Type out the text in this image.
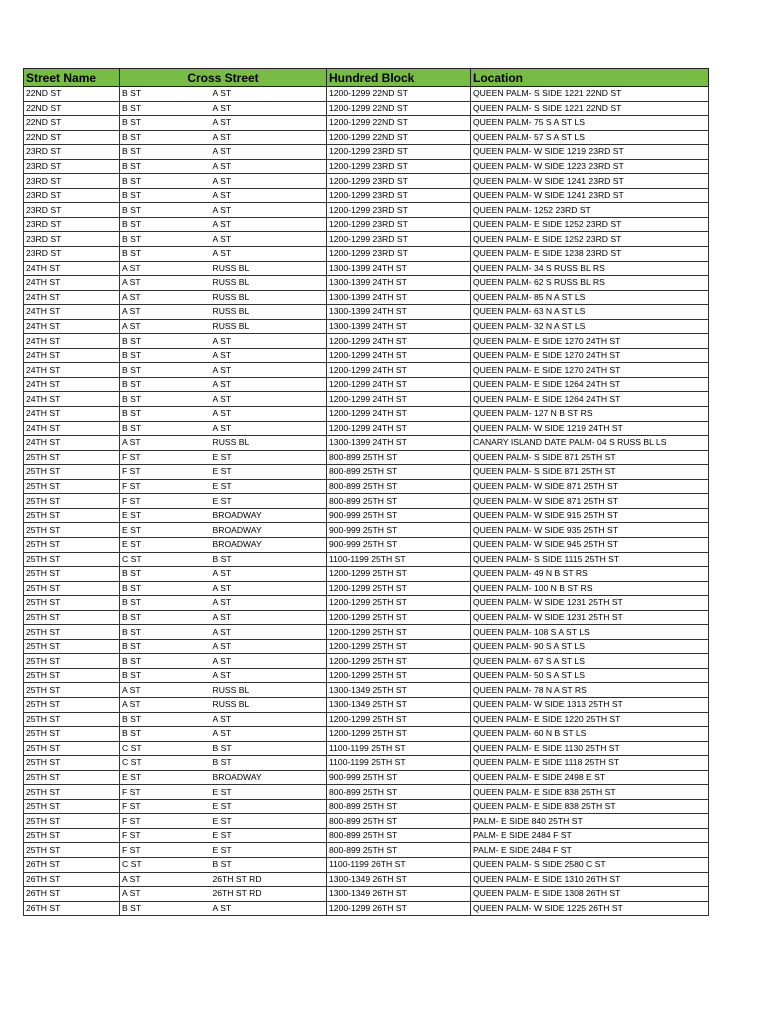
Street Name	Cross Street		Hundred Block	Location
22ND ST	B ST	A ST	1200-1299 22ND ST	QUEEN PALM- S SIDE 1221 22ND ST
22ND ST	B ST	A ST	1200-1299 22ND ST	QUEEN PALM- S SIDE 1221 22ND ST
22ND ST	B ST	A ST	1200-1299 22ND ST	QUEEN PALM- 75 S A ST LS
22ND ST	B ST	A ST	1200-1299 22ND ST	QUEEN PALM- 57 S A ST LS
23RD ST	B ST	A ST	1200-1299 23RD ST	QUEEN PALM- W SIDE 1219 23RD ST
23RD ST	B ST	A ST	1200-1299 23RD ST	QUEEN PALM- W SIDE 1223 23RD ST
23RD ST	B ST	A ST	1200-1299 23RD ST	QUEEN PALM- W SIDE 1241 23RD ST
23RD ST	B ST	A ST	1200-1299 23RD ST	QUEEN PALM- W SIDE 1241 23RD ST
23RD ST	B ST	A ST	1200-1299 23RD ST	QUEEN PALM- 1252 23RD ST
23RD ST	B ST	A ST	1200-1299 23RD ST	QUEEN PALM- E SIDE 1252 23RD ST
23RD ST	B ST	A ST	1200-1299 23RD ST	QUEEN PALM- E SIDE 1252 23RD ST
23RD ST	B ST	A ST	1200-1299 23RD ST	QUEEN PALM- E SIDE 1238 23RD ST
24TH ST	A ST	RUSS BL	1300-1399 24TH ST	QUEEN PALM- 34 S RUSS BL RS
24TH ST	A ST	RUSS BL	1300-1399 24TH ST	QUEEN PALM- 62 S RUSS BL RS
24TH ST	A ST	RUSS BL	1300-1399 24TH ST	QUEEN PALM- 85 N A ST LS
24TH ST	A ST	RUSS BL	1300-1399 24TH ST	QUEEN PALM- 63 N A ST LS
24TH ST	A ST	RUSS BL	1300-1399 24TH ST	QUEEN PALM- 32 N A ST LS
24TH ST	B ST	A ST	1200-1299 24TH ST	QUEEN PALM- E SIDE 1270 24TH ST
24TH ST	B ST	A ST	1200-1299 24TH ST	QUEEN PALM- E SIDE 1270 24TH ST
24TH ST	B ST	A ST	1200-1299 24TH ST	QUEEN PALM- E SIDE 1270 24TH ST
24TH ST	B ST	A ST	1200-1299 24TH ST	QUEEN PALM- E SIDE 1264 24TH ST
24TH ST	B ST	A ST	1200-1299 24TH ST	QUEEN PALM- E SIDE 1264 24TH ST
24TH ST	B ST	A ST	1200-1299 24TH ST	QUEEN PALM- 127 N B ST RS
24TH ST	B ST	A ST	1200-1299 24TH ST	QUEEN PALM- W SIDE 1219 24TH ST
24TH ST	A ST	RUSS BL	1300-1399 24TH ST	CANARY ISLAND DATE PALM- 04 S RUSS BL LS
25TH ST	F ST	E ST	800-899 25TH ST	QUEEN PALM- S SIDE 871 25TH ST
25TH ST	F ST	E ST	800-899 25TH ST	QUEEN PALM- S SIDE 871 25TH ST
25TH ST	F ST	E ST	800-899 25TH ST	QUEEN PALM- W SIDE 871 25TH ST
25TH ST	F ST	E ST	800-899 25TH ST	QUEEN PALM- W SIDE 871 25TH ST
25TH ST	E ST	BROADWAY	900-999 25TH ST	QUEEN PALM- W SIDE 915 25TH ST
25TH ST	E ST	BROADWAY	900-999 25TH ST	QUEEN PALM- W SIDE 935 25TH ST
25TH ST	E ST	BROADWAY	900-999 25TH ST	QUEEN PALM- W SIDE 945 25TH ST
25TH ST	C ST	B ST	1100-1199 25TH ST	QUEEN PALM- S SIDE 1115 25TH ST
25TH ST	B ST	A ST	1200-1299 25TH ST	QUEEN PALM- 49 N B ST RS
25TH ST	B ST	A ST	1200-1299 25TH ST	QUEEN PALM- 100 N B ST RS
25TH ST	B ST	A ST	1200-1299 25TH ST	QUEEN PALM- W SIDE 1231 25TH ST
25TH ST	B ST	A ST	1200-1299 25TH ST	QUEEN PALM- W SIDE 1231 25TH ST
25TH ST	B ST	A ST	1200-1299 25TH ST	QUEEN PALM- 108 S A ST LS
25TH ST	B ST	A ST	1200-1299 25TH ST	QUEEN PALM- 90 S A ST LS
25TH ST	B ST	A ST	1200-1299 25TH ST	QUEEN PALM- 67 S A ST LS
25TH ST	B ST	A ST	1200-1299 25TH ST	QUEEN PALM- 50 S A ST LS
25TH ST	A ST	RUSS BL	1300-1349 25TH ST	QUEEN PALM- 78 N A ST RS
25TH ST	A ST	RUSS BL	1300-1349 25TH ST	QUEEN PALM- W SIDE 1313 25TH ST
25TH ST	B ST	A ST	1200-1299 25TH ST	QUEEN PALM- E SIDE 1220 25TH ST
25TH ST	B ST	A ST	1200-1299 25TH ST	QUEEN PALM- 60 N B ST LS
25TH ST	C ST	B ST	1100-1199 25TH ST	QUEEN PALM- E SIDE 1130 25TH ST
25TH ST	C ST	B ST	1100-1199 25TH ST	QUEEN PALM- E SIDE 1118 25TH ST
25TH ST	E ST	BROADWAY	900-999 25TH ST	QUEEN PALM- E SIDE 2498 E ST
25TH ST	F ST	E ST	800-899 25TH ST	QUEEN PALM- E SIDE 838 25TH ST
25TH ST	F ST	E ST	800-899 25TH ST	QUEEN PALM- E SIDE 838 25TH ST
25TH ST	F ST	E ST	800-899 25TH ST	PALM- E SIDE 840 25TH ST
25TH ST	F ST	E ST	800-899 25TH ST	PALM- E SIDE 2484 F ST
25TH ST	F ST	E ST	800-899 25TH ST	PALM- E SIDE 2484 F ST
26TH ST	C ST	B ST	1100-1199 26TH ST	QUEEN PALM- S SIDE 2580 C ST
26TH ST	A ST	26TH ST RD	1300-1349 26TH ST	QUEEN PALM- E SIDE 1310 26TH ST
26TH ST	A ST	26TH ST RD	1300-1349 26TH ST	QUEEN PALM- E SIDE 1308 26TH ST
26TH ST	B ST	A ST	1200-1299 26TH ST	QUEEN PALM- W SIDE 1225 26TH ST
